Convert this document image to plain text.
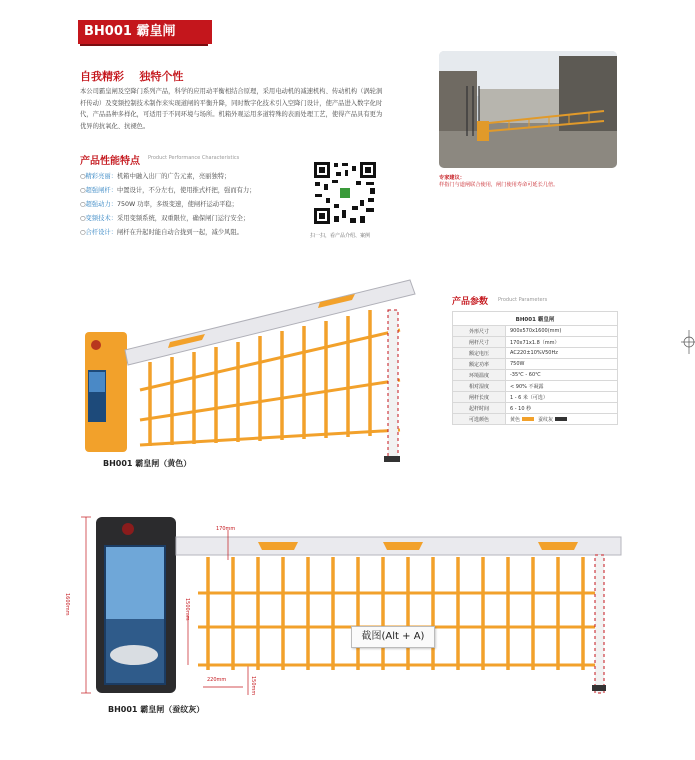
BH001 霸皇闸
自我精彩    独特个性
本公司霸皇闸及空降门系列产品，科学的应用动平衡相结合原理，采用电动机的减速机构、传动机构（涡轮涡杆传动）及变频控制技术制作来实现道闸的平衡升降，同时数字化技术引入空降门设计，使产品进入数字化时代，产品品种多样化，可适用于不同环境与场所。机箱外观运用多道特殊的表面处理工艺，使得产品具有更为优异的抗氧化、抗褪色。
产品性能特点 Product Performance Characteristics
○精彩亮丽：机箱中融入出厂的广告元素，亮丽独特；
○超强闸杆：中置设计，不分左右，使用推式杆把，强而有力；
○超强动力：750W 功率，多级变速，使闸杆运动平稳；
○变频技术：采用变频系统，双重限位，确保闸门运行安全；
○合杆设计：闸杆在升起时能自动合拢到一起，减少风阻。	扫一扫，看产品介绍、案例
专家建议：
样指门与道闸联合使用，闸门使用寿命可延长几倍。
产品参数 Product Parameters
BH001 霸皇闸	
外形尺寸	900x570x1600(mm)
闸杆尺寸	170x71x1.8（mm）
额定电压	AC220±10%V50Hz
额定功率	750W
环境温度	-35℃ - 60℃
相对湿度	< 90% 不凝露
闸杆长度	1 - 6 米（可选）
起杆时间	6 - 10 秒
可选颜色	黄色 蚕纹灰
BH001 霸皇闸（黄色）
170mm
1600mm	1500mm
220mm	150mm
BH001 霸皇闸（蚕纹灰）
截图(Alt + A)
